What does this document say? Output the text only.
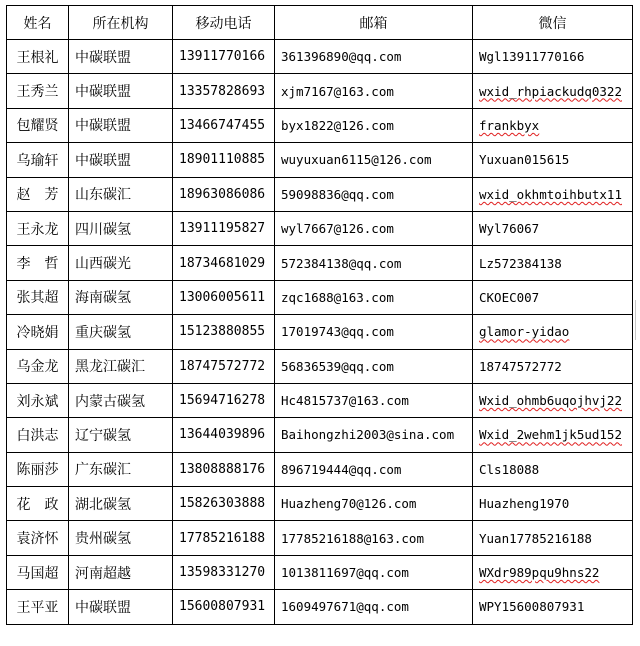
姓名	所在机构	移动电话	邮箱	微信
王根礼	中碳联盟	13911770166	361396890@qq.com	Wgl13911770166
王秀兰	中碳联盟	13357828693	xjm7167@163.com	wxid_rhpiackudq0322
包耀贤	中碳联盟	13466747455	byx1822@126.com	frankbyx
乌瑜轩	中碳联盟	18901110885	wuyuxuan6115@126.com	Yuxuan015615
赵　芳	山东碳汇	18963086086	59098836@qq.com	wxid_okhmtoihbutx11
王永龙	四川碳氢	13911195827	wyl7667@126.com	Wyl76067
李　哲	山西碳光	18734681029	572384138@qq.com	Lz572384138
张其超	海南碳氢	13006005611	zqc1688@163.com	CKOEC007
冷晓娟	重庆碳氢	15123880855	17019743@qq.com	glamor-yidao
乌金龙	黑龙江碳汇	18747572772	56836539@qq.com	18747572772
刘永斌	内蒙古碳氢	15694716278	Hc4815737@163.com	Wxid_ohmb6uqojhvj22
白洪志	辽宁碳氢	13644039896	Baihongzhi2003@sina.com	Wxid_2wehm1jk5ud152
陈丽莎	广东碳汇	13808888176	896719444@qq.com	Cls18088
花　政	湖北碳氢	15826303888	Huazheng70@126.com	Huazheng1970
袁济怀	贵州碳氢	17785216188	17785216188@163.com	Yuan17785216188
马国超	河南超越	13598331270	1013811697@qq.com	WXdr989pqu9hns22
王平亚	中碳联盟	15600807931	1609497671@qq.com	WPY15600807931
